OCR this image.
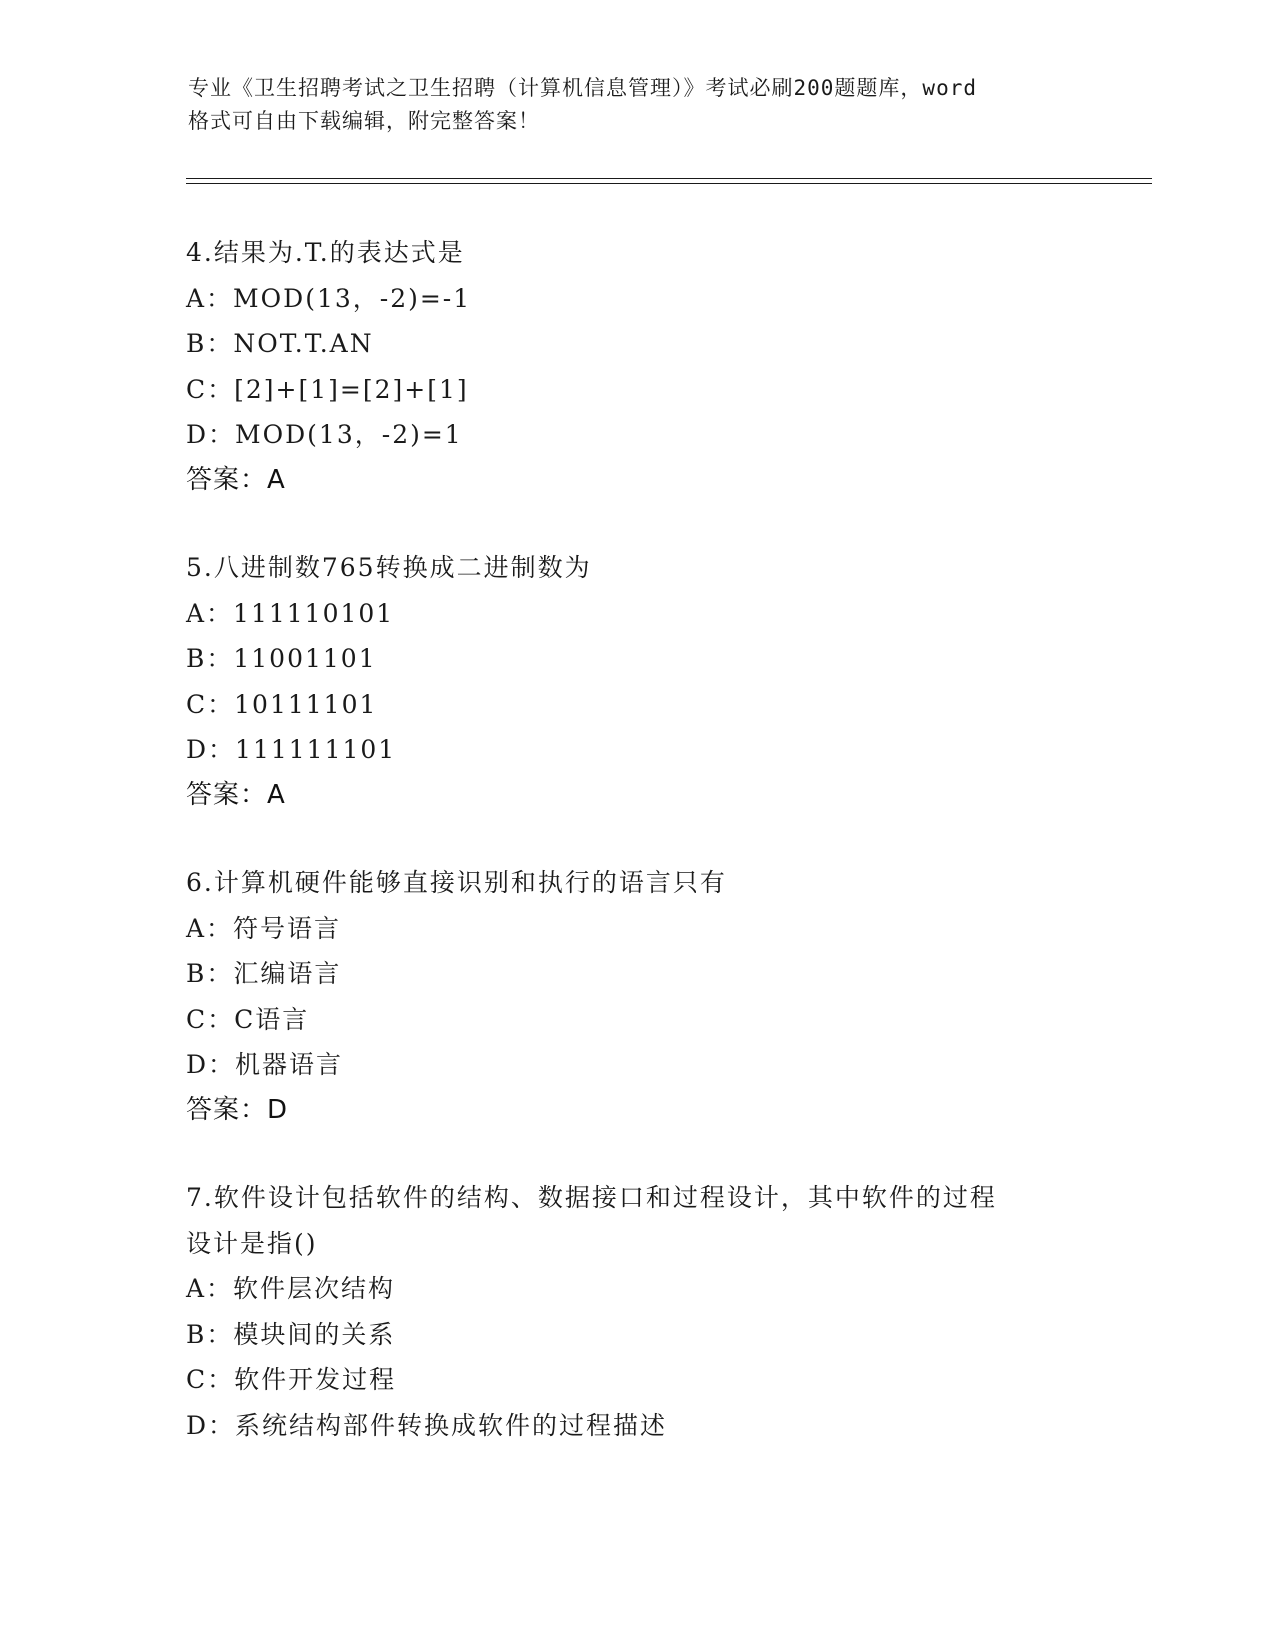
专业《卫生招聘考试之卫生招聘（计算机信息管理）》考试必刷200题题库，word
格式可自由下载编辑，附完整答案！
4.结果为.T.的表达式是
A：MOD(13，-2)=-1
B：NOT.T.AN
C：[2]+[1]=[2]+[1]
D：MOD(13，-2)=1
答案：A
5.八进制数765转换成二进制数为
A：111110101
B：11001101
C：10111101
D：111111101
答案：A
6.计算机硬件能够直接识别和执行的语言只有
A：符号语言
B：汇编语言
C：C语言
D：机器语言
答案：D
7.软件设计包括软件的结构、数据接口和过程设计，其中软件的过程
设计是指()
A：软件层次结构
B：模块间的关系
C：软件开发过程
D：系统结构部件转换成软件的过程描述
